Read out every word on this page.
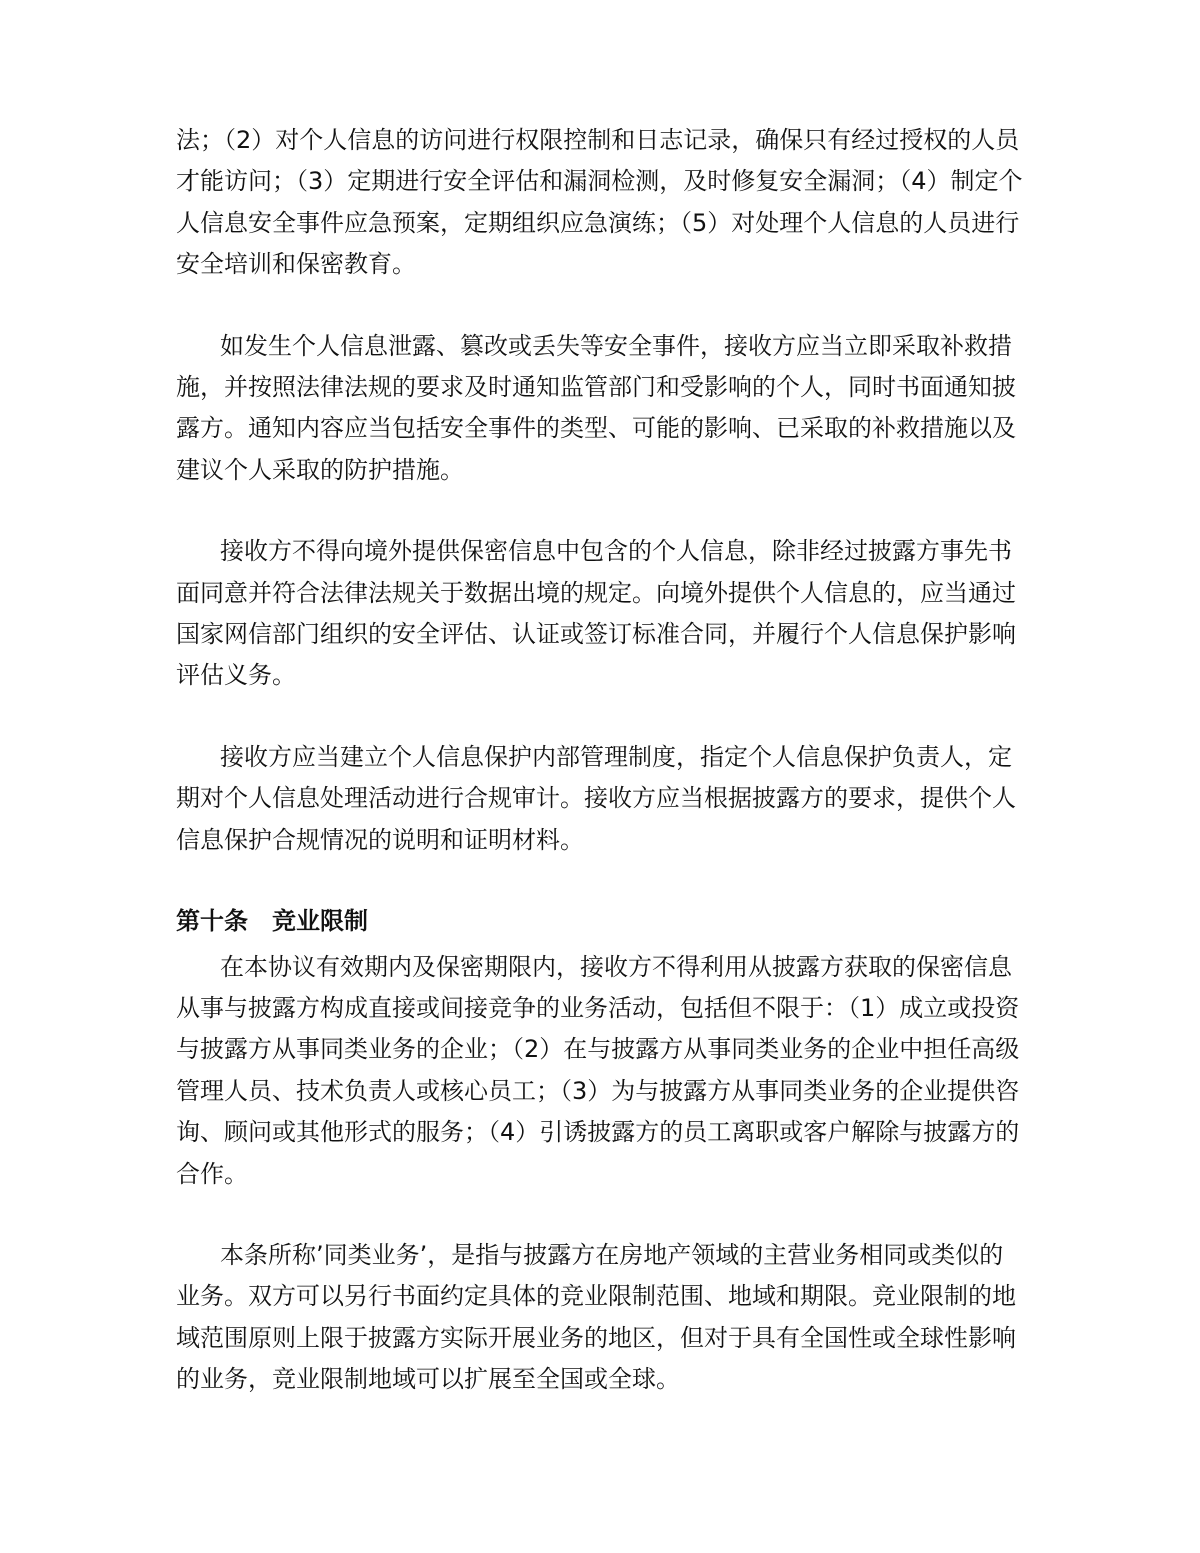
法；（2）对个人信息的访问进行权限控制和日志记录，确保只有经过授权的人员才能访问；（3）定期进行安全评估和漏洞检测，及时修复安全漏洞；（4）制定个人信息安全事件应急预案，定期组织应急演练；（5）对处理个人信息的人员进行安全培训和保密教育。

如发生个人信息泄露、篡改或丢失等安全事件，接收方应当立即采取补救措施，并按照法律法规的要求及时通知监管部门和受影响的个人，同时书面通知披露方。通知内容应当包括安全事件的类型、可能的影响、已采取的补救措施以及建议个人采取的防护措施。

接收方不得向境外提供保密信息中包含的个人信息，除非经过披露方事先书面同意并符合法律法规关于数据出境的规定。向境外提供个人信息的，应当通过国家网信部门组织的安全评估、认证或签订标准合同，并履行个人信息保护影响评估义务。

接收方应当建立个人信息保护内部管理制度，指定个人信息保护负责人，定期对个人信息处理活动进行合规审计。接收方应当根据披露方的要求，提供个人信息保护合规情况的说明和证明材料。

第十条　竞业限制

在本协议有效期内及保密期限内，接收方不得利用从披露方获取的保密信息从事与披露方构成直接或间接竞争的业务活动，包括但不限于：（1）成立或投资与披露方从事同类业务的企业；（2）在与披露方从事同类业务的企业中担任高级管理人员、技术负责人或核心员工；（3）为与披露方从事同类业务的企业提供咨询、顾问或其他形式的服务；（4）引诱披露方的员工离职或客户解除与披露方的合作。

本条所称’同类业务’，是指与披露方在房地产领域的主营业务相同或类似的业务。双方可以另行书面约定具体的竞业限制范围、地域和期限。竞业限制的地域范围原则上限于披露方实际开展业务的地区，但对于具有全国性或全球性影响的业务，竞业限制地域可以扩展至全国或全球。
